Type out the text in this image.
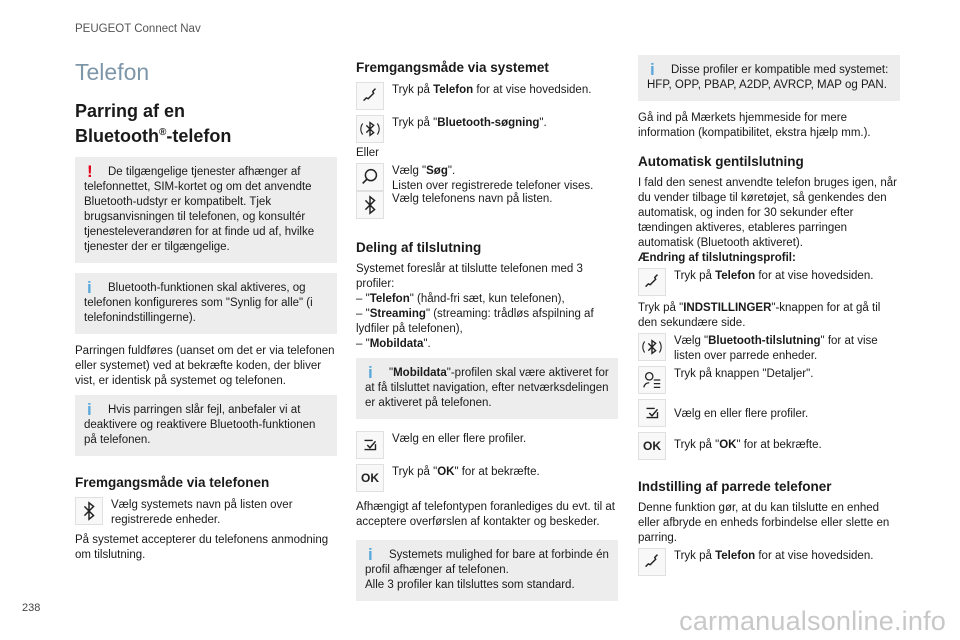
PEUGEOT Connect Nav
Telefon
Parring af en
Bluetooth®-telefon
!	De tilgængelige tjenester afhænger af telefonnettet, SIM-kortet og om det anvendte Bluetooth-udstyr er kompatibelt. Tjek brugsanvisningen til telefonen, og konsultér tjenesteleverandøren for at finde ud af, hvilke tjenester der er tilgængelige.
i	Bluetooth-funktionen skal aktiveres, og telefonen konfigureres som "Synlig for alle" (i telefonindstillingerne).
Parringen fuldføres (uanset om det er via telefonen eller systemet) ved at bekræfte koden, der bliver vist, er identisk på systemet og telefonen.
i	Hvis parringen slår fejl, anbefaler vi at deaktivere og reaktivere Bluetooth-funktionen på telefonen.
Fremgangsmåde via telefonen
Vælg systemets navn på listen over registrerede enheder.
På systemet accepterer du telefonens anmodning om tilslutning.
Fremgangsmåde via systemet
Tryk på Telefon for at vise hovedsiden.
Tryk på "Bluetooth-søgning".
Eller
Vælg "Søg".
Listen over registrerede telefoner vises.
Vælg telefonens navn på listen.
Deling af tilslutning
Systemet foreslår at tilslutte telefonen med 3 profiler:
– "Telefon" (hånd-fri sæt, kun telefonen),
– "Streaming" (streaming: trådløs afspilning af lydfiler på telefonen),
– "Mobildata".
i	"Mobildata"-profilen skal være aktiveret for at få tilsluttet navigation, efter netværksdelingen er aktiveret på telefonen.
Vælg en eller flere profiler.
OK	Tryk på "OK" for at bekræfte.
Afhængigt af telefontypen foranlediges du evt. til at acceptere overførslen af kontakter og beskeder.
i	Systemets mulighed for bare at forbinde én profil afhænger af telefonen.
Alle 3 profiler kan tilsluttes som standard.
i	Disse profiler er kompatible med systemet: HFP, OPP, PBAP, A2DP, AVRCP, MAP og PAN.
Gå ind på Mærkets hjemmeside for mere information (kompatibilitet, ekstra hjælp mm.).
Automatisk gentilslutning
I fald den senest anvendte telefon bruges igen, når du vender tilbage til køretøjet, så genkendes den automatisk, og inden for 30 sekunder efter tændingen aktiveres, etableres parringen automatisk (Bluetooth aktiveret).
Ændring af tilslutningsprofil:
Tryk på Telefon for at vise hovedsiden.
Tryk på "INDSTILLINGER"-knappen for at gå til den sekundære side.
Vælg "Bluetooth-tilslutning" for at vise listen over parrede enheder.
Tryk på knappen "Detaljer".
Vælg en eller flere profiler.
OK	Tryk på "OK" for at bekræfte.
Indstilling af parrede telefoner
Denne funktion gør, at du kan tilslutte en enhed eller afbryde en enheds forbindelse eller slette en parring.
Tryk på Telefon for at vise hovedsiden.
238	carmanualsonline.info
